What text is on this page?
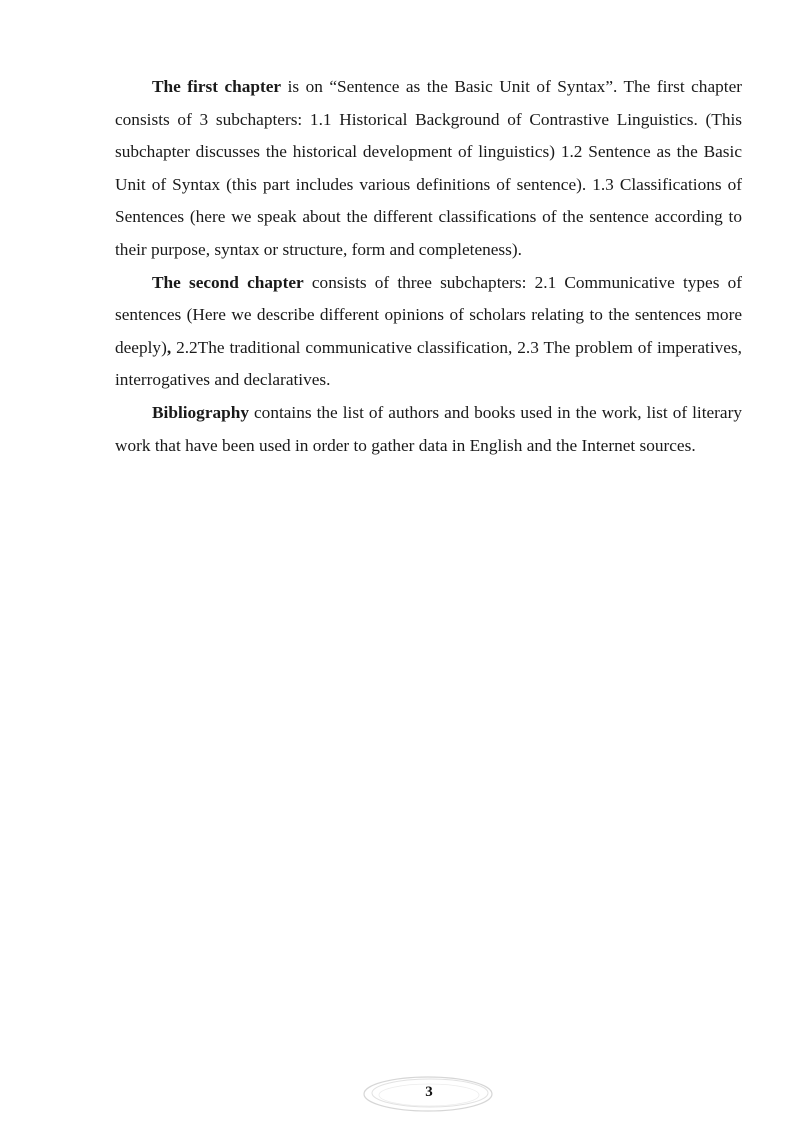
The first chapter is on “Sentence as the Basic Unit of Syntax”. The first chapter consists of 3 subchapters: 1.1 Historical Background of Contrastive Linguistics. (This subchapter discusses the historical development of linguistics) 1.2 Sentence as the Basic Unit of Syntax (this part includes various definitions of sentence). 1.3 Classifications of Sentences (here we speak about the different classifications of the sentence according to their purpose, syntax or structure, form and completeness).

The second chapter consists of three subchapters: 2.1 Communicative types of sentences (Here we describe different opinions of scholars relating to the sentences more deeply), 2.2The traditional communicative classification, 2.3 The problem of imperatives, interrogatives and declaratives.

Bibliography contains the list of authors and books used in the work, list of literary work that have been used in order to gather data in English and the Internet sources.

3
